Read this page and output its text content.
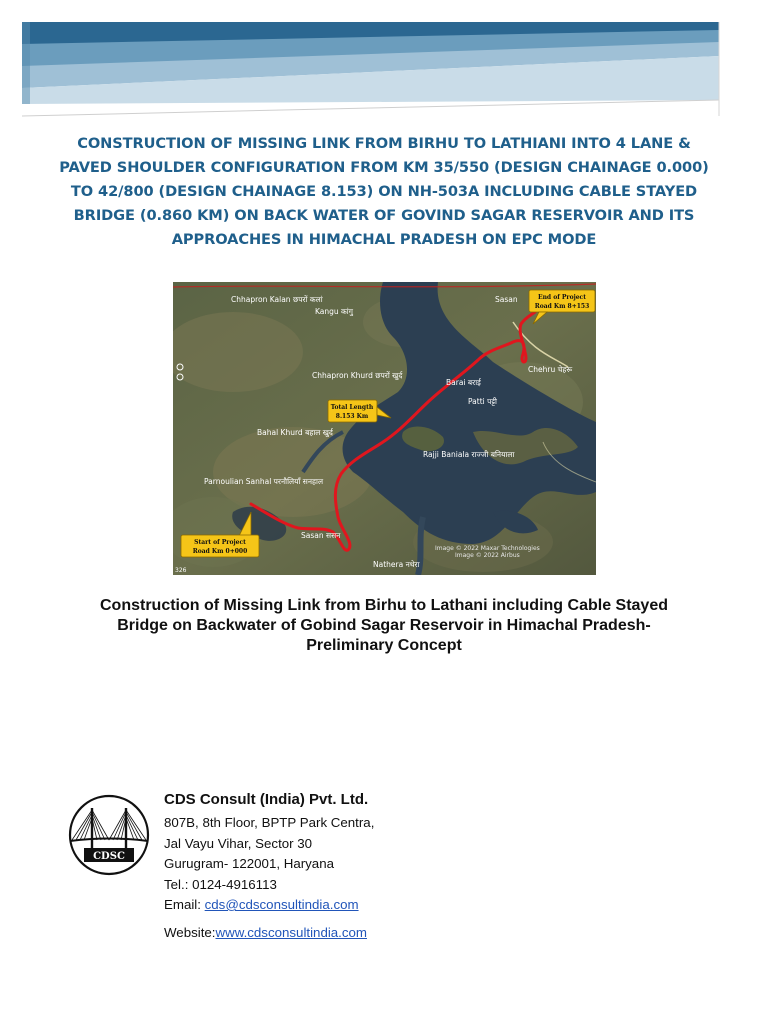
CONSTRUCTION OF MISSING LINK FROM BIRHU TO LATHIANI INTO 4 LANE &
PAVED SHOULDER CONFIGURATION FROM KM 35/550 (DESIGN CHAINAGE 0.000)
TO 42/800 (DESIGN CHAINAGE 8.153) ON NH-503A INCLUDING CABLE STAYED
BRIDGE (0.860 KM) ON BACK WATER OF GOVIND SAGAR RESERVOIR AND ITS
APPROACHES IN HIMACHAL PRADESH ON EPC MODE
Chhapron Kalan छपरों कलां
Kangu कांगु
Chhapron Khurd छपरों खुर्द
Bahal Khurd बहाल खुर्द
Barai बराई
Patti पट्टी
Rajji Baniala राज्जी बनियाला
Parnoulian Sanhal परनौलियाँ सनहाल
Sasan ससन
Nathera नथेरा
Chehru चेहरू
Sasan
326
End of Project
Road Km 8+153
Total Length
8.153 Km
Start of Project
Road Km 0+000	Image © 2022 Maxar Technologies
Image © 2022 Airbus
Construction of Missing Link from Birhu to Lathani including Cable Stayed
Bridge on Backwater of Gobind Sagar Reservoir in Himachal Pradesh-
Preliminary Concept
CDSC
CDS Consult (India) Pvt. Ltd.
807B, 8th Floor, BPTP Park Centra,
Jal Vayu Vihar, Sector 30
Gurugram- 122001, Haryana
Tel.: 0124-4916113
Email: cds@cdsconsultindia.com
Website:www.cdsconsultindia.com
